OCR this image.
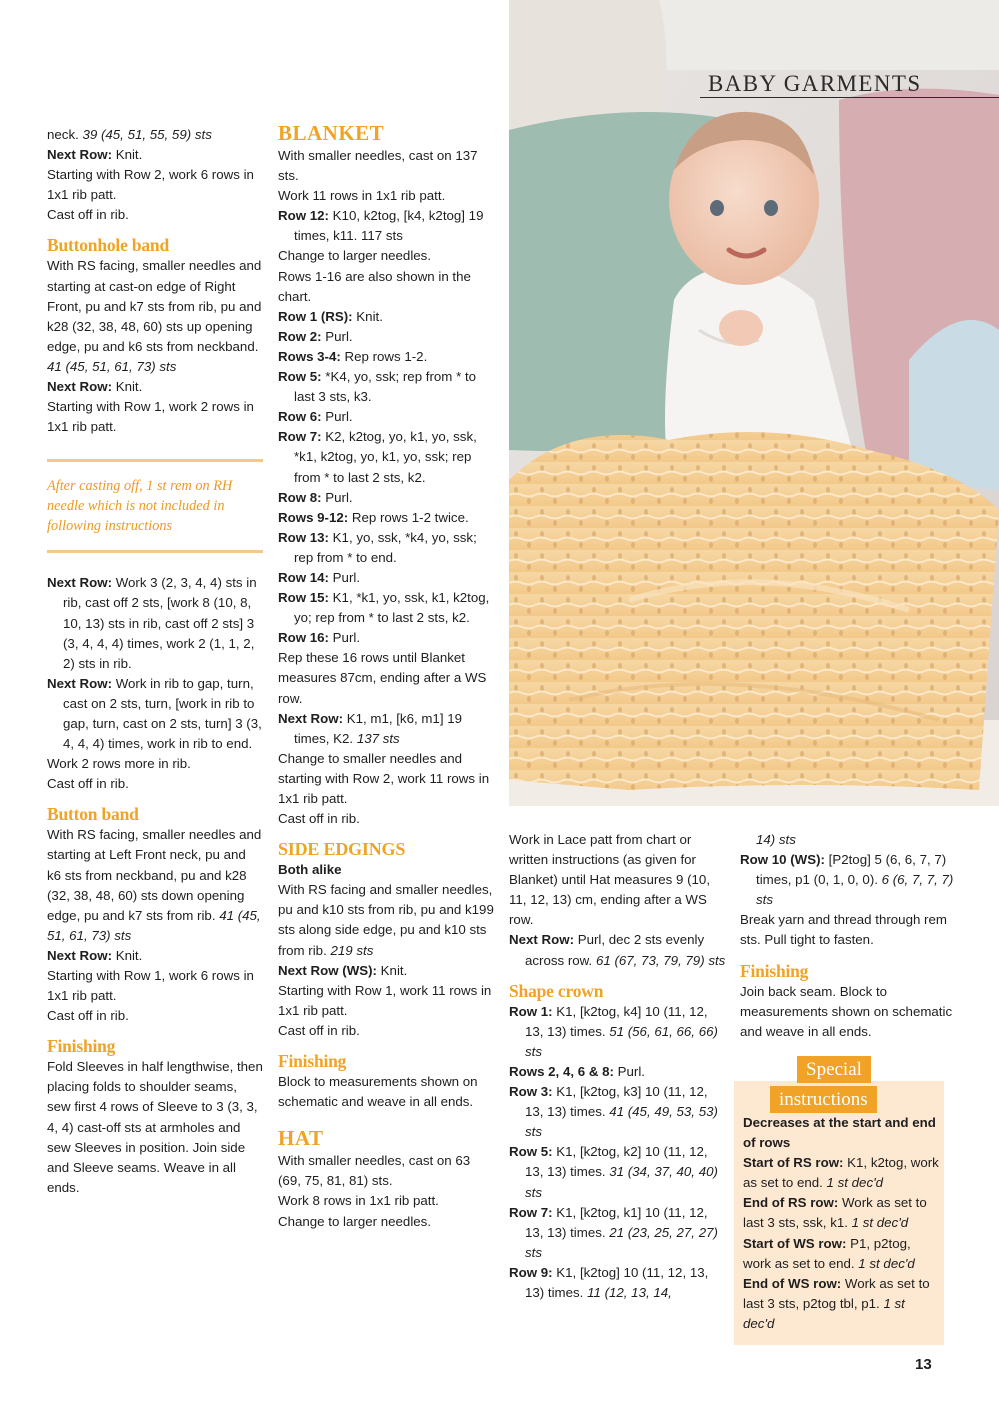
BABY GARMENTS

neck. 39 (45, 51, 55, 59) sts

Next Row: Knit.

Starting with Row 2, work 6 rows in 1x1 rib patt.

Cast off in rib.

Buttonhole band

With RS facing, smaller needles and starting at cast-on edge of Right Front, pu and k7 sts from rib, pu and k28 (32, 38, 48, 60) sts up opening edge, pu and k6 sts from neckband. 41 (45, 51, 61, 73) sts

Next Row: Knit.

Starting with Row 1, work 2 rows in 1x1 rib patt.

After casting off, 1 st rem on RH needle which is not included in following instructions

Next Row: Work 3 (2, 3, 4, 4) sts in rib, cast off 2 sts, [work 8 (10, 8, 10, 13) sts in rib, cast off 2 sts] 3 (3, 4, 4, 4) times, work 2 (1, 1, 2, 2) sts in rib.

Next Row: Work in rib to gap, turn, cast on 2 sts, turn, [work in rib to gap, turn, cast on 2 sts, turn] 3 (3, 4, 4, 4) times, work in rib to end.

Work 2 rows more in rib.

Cast off in rib.

Button band

With RS facing, smaller needles and starting at Left Front neck, pu and k6 sts from neckband, pu and k28 (32, 38, 48, 60) sts down opening edge, pu and k7 sts from rib. 41 (45, 51, 61, 73) sts

Next Row: Knit.

Starting with Row 1, work 6 rows in 1x1 rib patt.

Cast off in rib.

Finishing

Fold Sleeves in half lengthwise, then placing folds to shoulder seams, sew first 4 rows of Sleeve to 3 (3, 3, 4, 4) cast-off sts at armholes and sew Sleeves in position. Join side and Sleeve seams. Weave in all ends.

BLANKET

With smaller needles, cast on 137 sts.

Work 11 rows in 1x1 rib patt.

Row 12: K10, k2tog, [k4, k2tog] 19 times, k11. 117 sts

Change to larger needles.

Rows 1-16 are also shown in the chart.

Row 1 (RS): Knit.

Row 2: Purl.

Rows 3-4: Rep rows 1-2.

Row 5: *K4, yo, ssk; rep from * to last 3 sts, k3.

Row 6: Purl.

Row 7: K2, k2tog, yo, k1, yo, ssk, *k1, k2tog, yo, k1, yo, ssk; rep from * to last 2 sts, k2.

Row 8: Purl.

Rows 9-12: Rep rows 1-2 twice.

Row 13: K1, yo, ssk, *k4, yo, ssk; rep from * to end.

Row 14: Purl.

Row 15: K1, *k1, yo, ssk, k1, k2tog, yo; rep from * to last 2 sts, k2.

Row 16: Purl.

Rep these 16 rows until Blanket measures 87cm, ending after a WS row.

Next Row: K1, m1, [k6, m1] 19 times, K2. 137 sts

Change to smaller needles and starting with Row 2, work 11 rows in 1x1 rib patt.

Cast off in rib.

SIDE EDGINGS

Both alike

With RS facing and smaller needles, pu and k10 sts from rib, pu and k199 sts along side edge, pu and k10 sts from rib. 219 sts

Next Row (WS): Knit.

Starting with Row 1, work 11 rows in 1x1 rib patt.

Cast off in rib.

Finishing

Block to measurements shown on schematic and weave in all ends.

HAT

With smaller needles, cast on 63 (69, 75, 81, 81) sts.

Work 8 rows in 1x1 rib patt.

Change to larger needles.

Work in Lace patt from chart or written instructions (as given for Blanket) until Hat measures 9 (10, 11, 12, 13) cm, ending after a WS row.

Next Row: Purl, dec 2 sts evenly across row. 61 (67, 73, 79, 79) sts

Shape crown

Row 1: K1, [k2tog, k4] 10 (11, 12, 13, 13) times. 51 (56, 61, 66, 66) sts

Rows 2, 4, 6 & 8: Purl.

Row 3: K1, [k2tog, k3] 10 (11, 12, 13, 13) times. 41 (45, 49, 53, 53) sts

Row 5: K1, [k2tog, k2] 10 (11, 12, 13, 13) times. 31 (34, 37, 40, 40) sts

Row 7: K1, [k2tog, k1] 10 (11, 12, 13, 13) times. 21 (23, 25, 27, 27) sts

Row 9: K1, [k2tog] 10 (11, 12, 13, 13) times. 11 (12, 13, 14,

14) sts

Row 10 (WS): [P2tog] 5 (6, 6, 7, 7) times, p1 (0, 1, 0, 0). 6 (6, 7, 7, 7) sts

Break yarn and thread through rem sts. Pull tight to fasten.

Finishing

Join back seam. Block to measurements shown on schematic and weave in all ends.

Special
instructions

Decreases at the start and end of rows

Start of RS row: K1, k2tog, work as set to end. 1 st dec'd

End of RS row: Work as set to last 3 sts, ssk, k1. 1 st dec'd

Start of WS row: P1, p2tog, work as set to end. 1 st dec'd

End of WS row: Work as set to last 3 sts, p2tog tbl, p1. 1 st dec'd

13
